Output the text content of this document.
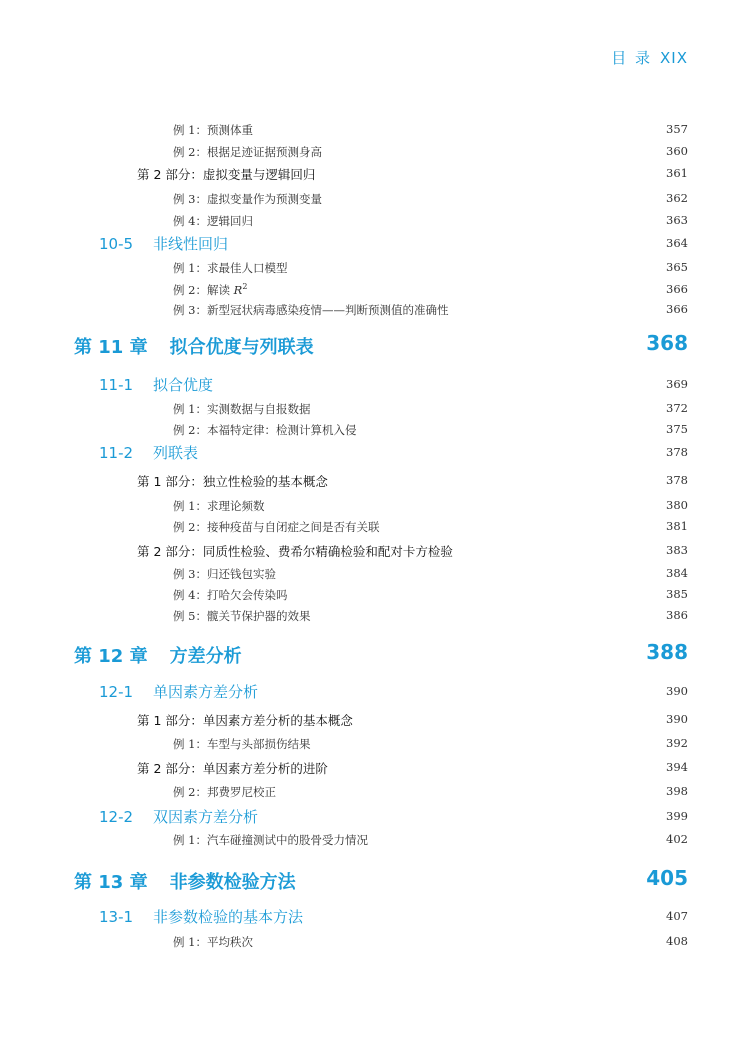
目 录 XIX
例 1：预测体重	357
例 2：根据足迹证据预测身高	360
第 2 部分：虚拟变量与逻辑回归	361
例 3：虚拟变量作为预测变量	362
例 4：逻辑回归	363
10-5 非线性回归	364
例 1：求最佳人口模型	365
例 2：解读 $R^2$	366
例 3：新型冠状病毒感染疫情——判断预测值的准确性	366
第 11 章 拟合优度与列联表	368
11-1 拟合优度	369
例 1：实测数据与自报数据	372
例 2：本福特定律：检测计算机入侵	375
11-2 列联表	378
第 1 部分：独立性检验的基本概念	378
例 1：求理论频数	380
例 2：接种疫苗与自闭症之间是否有关联	381
第 2 部分：同质性检验、费希尔精确检验和配对卡方检验	383
例 3：归还钱包实验	384
例 4：打哈欠会传染吗	385
例 5：髋关节保护器的效果	386
第 12 章 方差分析	388
12-1 单因素方差分析	390
第 1 部分：单因素方差分析的基本概念	390
例 1：车型与头部损伤结果	392
第 2 部分：单因素方差分析的进阶	394
例 2：邦费罗尼校正	398
12-2 双因素方差分析	399
例 1：汽车碰撞测试中的股骨受力情况	402
第 13 章 非参数检验方法	405
13-1 非参数检验的基本方法	407
例 1：平均秩次	408
